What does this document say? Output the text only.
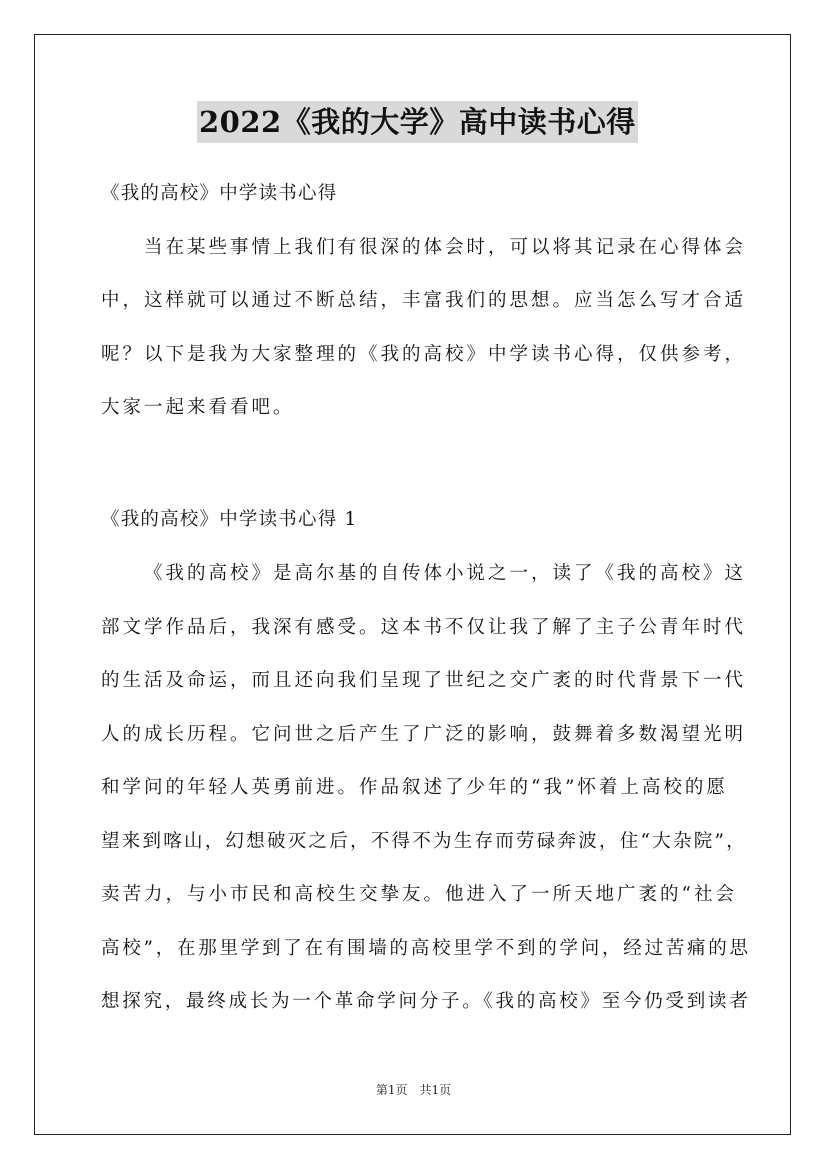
2022《我的大学》高中读书心得
《我的高校》中学读书心得
当在某些事情上我们有很深的体会时，可以将其记录在心得体会
中，这样就可以通过不断总结，丰富我们的思想。应当怎么写才合适
呢？以下是我为大家整理的《我的高校》中学读书心得，仅供参考，
大家一起来看看吧。
《我的高校》中学读书心得 1
《我的高校》是高尔基的自传体小说之一，读了《我的高校》这
部文学作品后，我深有感受。这本书不仅让我了解了主子公青年时代
的生活及命运，而且还向我们呈现了世纪之交广袤的时代背景下一代
人的成长历程。它问世之后产生了广泛的影响，鼓舞着多数渴望光明
和学问的年轻人英勇前进。作品叙述了少年的“我”怀着上高校的愿
望来到喀山，幻想破灭之后，不得不为生存而劳碌奔波，住“大杂院”，
卖苦力，与小市民和高校生交挚友。他进入了一所天地广袤的“社会
高校”，在那里学到了在有围墙的高校里学不到的学问，经过苦痛的思
想探究，最终成长为一个革命学问分子。《我的高校》至今仍受到读者
第1页　共1页
